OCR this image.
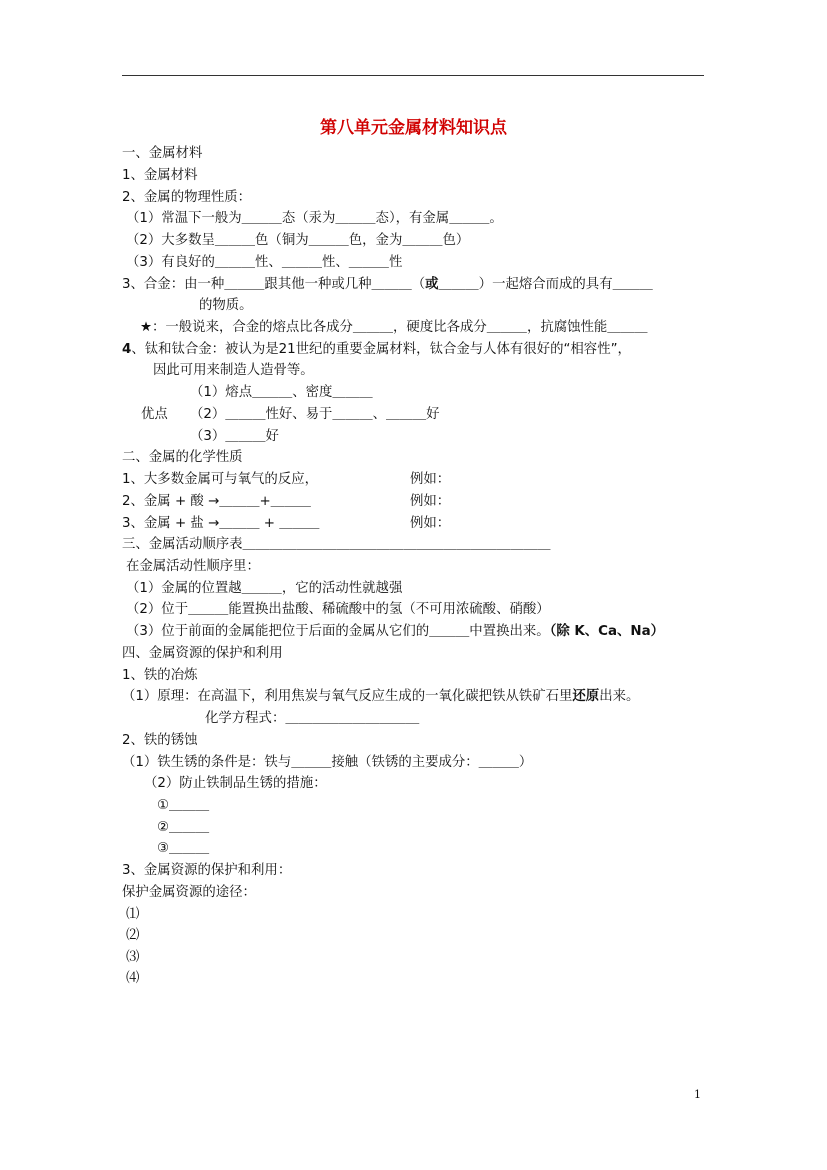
第八单元金属材料知识点
一、金属材料
1、金属材料
2、金属的物理性质：
（1）常温下一般为＿＿＿态（汞为＿＿＿态），有金属＿＿＿。
（2）大多数呈＿＿＿色（铜为＿＿＿色，金为＿＿＿色）
（3）有良好的＿＿＿性、＿＿＿性、＿＿＿性
3、合金：由一种＿＿＿跟其他一种或几种＿＿＿（或＿＿＿）一起熔合而成的具有＿＿＿
的物质。
★：一般说来，合金的熔点比各成分＿＿＿，硬度比各成分＿＿＿，抗腐蚀性能＿＿＿
4、钛和钛合金：被认为是21世纪的重要金属材料，钛合金与人体有很好的“相容性”，
因此可用来制造人造骨等。
（1）熔点＿＿＿、密度＿＿＿
优点 （2）＿＿＿性好、易于＿＿＿、＿＿＿好
（3）＿＿＿好
二、金属的化学性质
1、大多数金属可与氧气的反应，	例如：
2、金属 + 酸 →＿＿＿+＿＿＿	例如：
3、金属 + 盐 →＿＿＿ + ＿＿＿	例如：
三、金属活动顺序表＿＿＿＿＿＿＿＿＿＿＿＿＿＿＿＿＿＿＿＿＿＿＿
在金属活动性顺序里：
（1）金属的位置越＿＿＿，它的活动性就越强
（2）位于＿＿＿能置换出盐酸、稀硫酸中的氢（不可用浓硫酸、硝酸）
（3）位于前面的金属能把位于后面的金属从它们的＿＿＿中置换出来。（除 K、Ca、Na）
四、金属资源的保护和利用
1、铁的冶炼
（1）原理：在高温下，利用焦炭与氧气反应生成的一氧化碳把铁从铁矿石里还原出来。
化学方程式：＿＿＿＿＿＿＿＿＿＿
2、铁的锈蚀
（1）铁生锈的条件是：铁与＿＿＿接触（铁锈的主要成分：＿＿＿）
（2）防止铁制品生锈的措施：
①＿＿＿
②＿＿＿
③＿＿＿
3、金属资源的保护和利用：
保护金属资源的途径：
⑴
⑵
⑶
⑷
1
